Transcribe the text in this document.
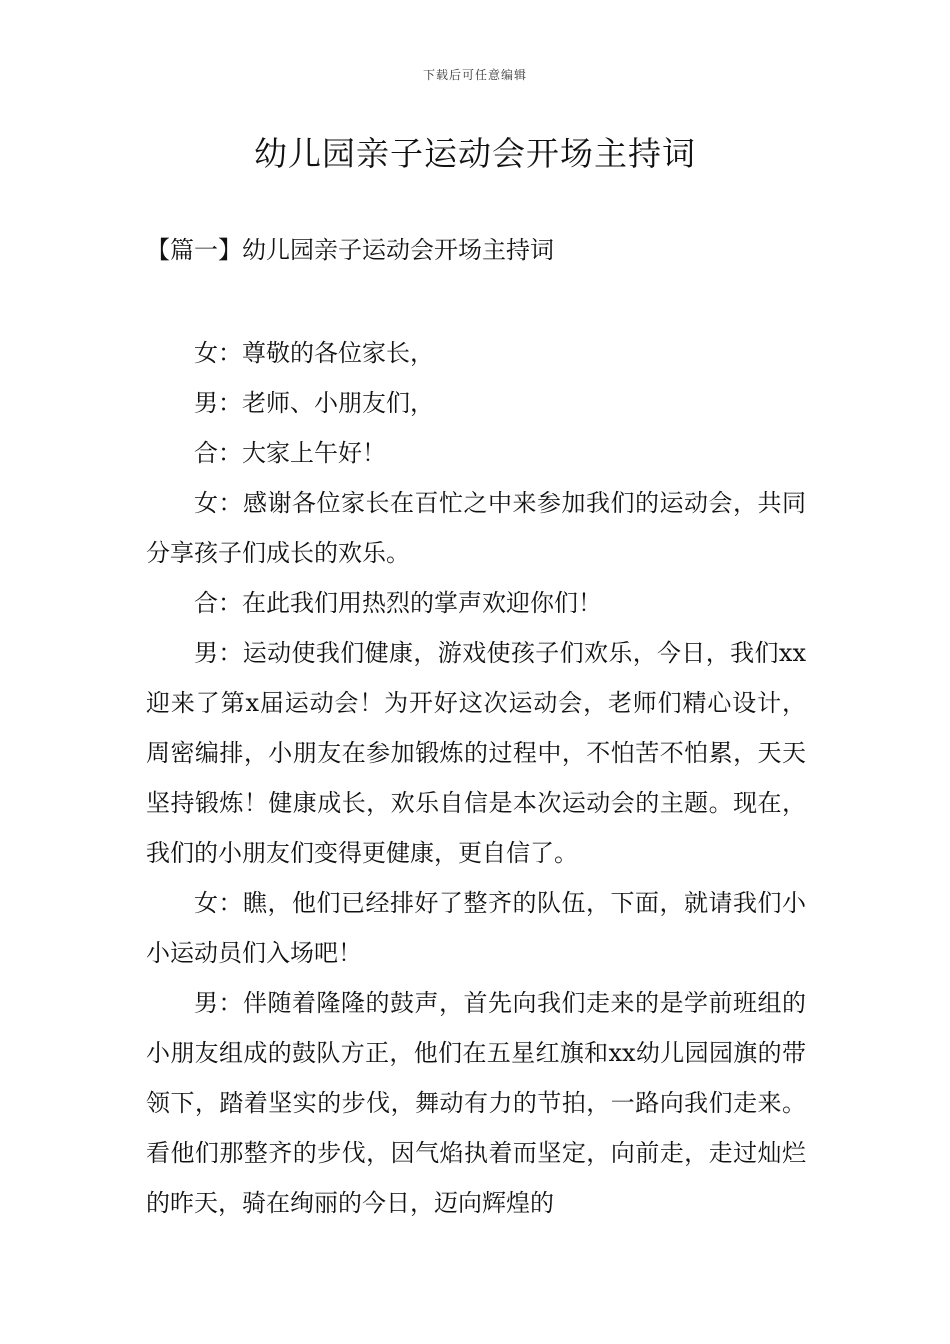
下载后可任意编辑
幼儿园亲子运动会开场主持词
【篇一】幼儿园亲子运动会开场主持词

女：尊敬的各位家长，

男：老师、小朋友们，

合：大家上午好！

女：感谢各位家长在百忙之中来参加我们的运动会，共同分享孩子们成长的欢乐。

合：在此我们用热烈的掌声欢迎你们！

男：运动使我们健康，游戏使孩子们欢乐，今日，我们xx迎来了第x届运动会！为开好这次运动会，老师们精心设计，周密编排，小朋友在参加锻炼的过程中，不怕苦不怕累，天天坚持锻炼！健康成长，欢乐自信是本次运动会的主题。现在，我们的小朋友们变得更健康，更自信了。

女：瞧，他们已经排好了整齐的队伍，下面，就请我们小小运动员们入场吧！

男：伴随着隆隆的鼓声，首先向我们走来的是学前班组的小朋友组成的鼓队方正，他们在五星红旗和xx幼儿园园旗的带领下，踏着坚实的步伐，舞动有力的节拍，一路向我们走来。看他们那整齐的步伐，因气焰执着而坚定，向前走，走过灿烂的昨天，骑在绚丽的今日，迈向辉煌的
